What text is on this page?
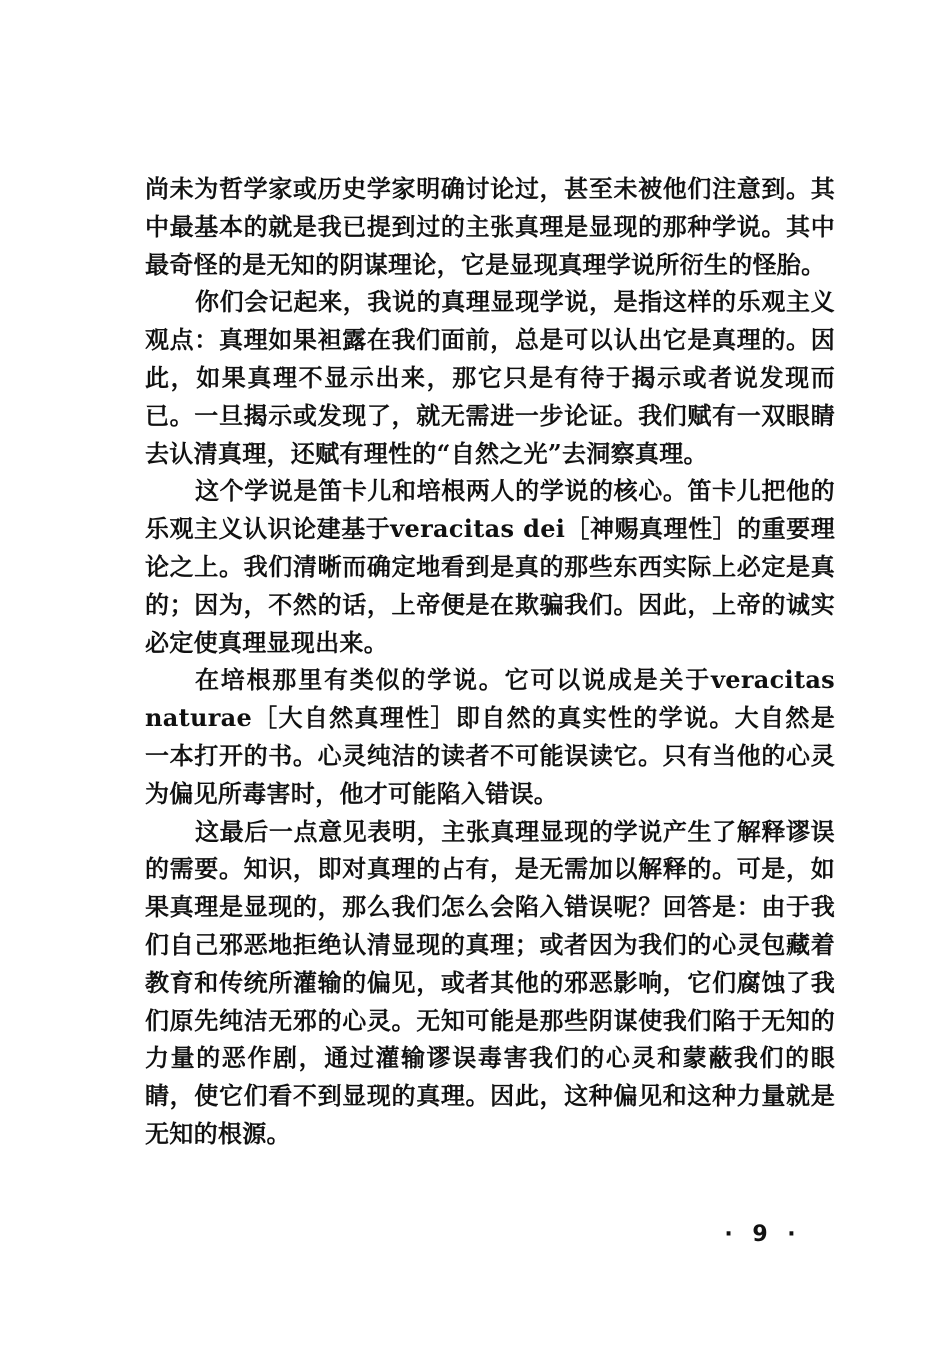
尚未为哲学家或历史学家明确讨论过，甚至未被他们注意到。其中最基本的就是我已提到过的主张真理是显现的那种学说。其中最奇怪的是无知的阴谋理论，它是显现真理学说所衍生的怪胎。

你们会记起来，我说的真理显现学说，是指这样的乐观主义观点：真理如果袒露在我们面前，总是可以认出它是真理的。因此，如果真理不显示出来，那它只是有待于揭示或者说发现而已。一旦揭示或发现了，就无需进一步论证。我们赋有一双眼睛去认清真理，还赋有理性的“自然之光”去洞察真理。

这个学说是笛卡儿和培根两人的学说的核心。笛卡儿把他的乐观主义认识论建基于veracitas dei［神赐真理性］的重要理论之上。我们清晰而确定地看到是真的那些东西实际上必定是真的；因为，不然的话，上帝便是在欺骗我们。因此，上帝的诚实必定使真理显现出来。

在培根那里有类似的学说。它可以说成是关于veracitas naturae［大自然真理性］即自然的真实性的学说。大自然是一本打开的书。心灵纯洁的读者不可能误读它。只有当他的心灵为偏见所毒害时，他才可能陷入错误。

这最后一点意见表明，主张真理显现的学说产生了解释谬误的需要。知识，即对真理的占有，是无需加以解释的。可是，如果真理是显现的，那么我们怎么会陷入错误呢？回答是：由于我们自己邪恶地拒绝认清显现的真理；或者因为我们的心灵包藏着教育和传统所灌输的偏见，或者其他的邪恶影响，它们腐蚀了我们原先纯洁无邪的心灵。无知可能是那些阴谋使我们陷于无知的力量的恶作剧，通过灌输谬误毒害我们的心灵和蒙蔽我们的眼睛，使它们看不到显现的真理。因此，这种偏见和这种力量就是无知的根源。

· 9 ·
